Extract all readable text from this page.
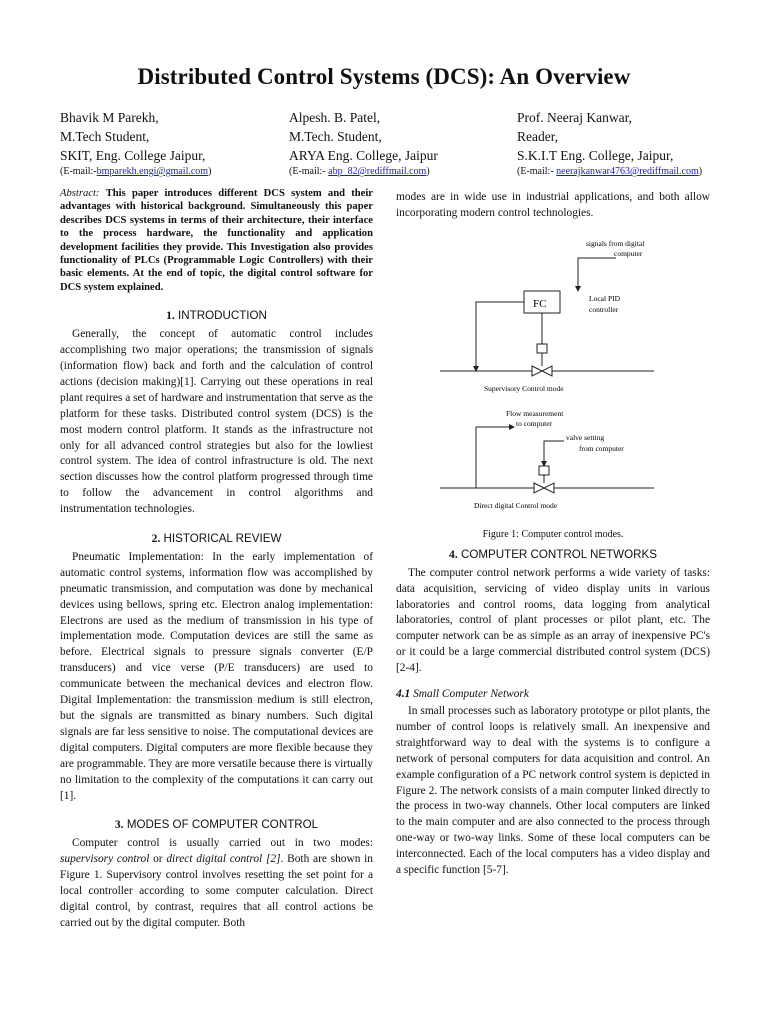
Distributed Control Systems (DCS): An Overview
Bhavik M Parekh,
M.Tech Student,
SKIT, Eng. College Jaipur,
(E-mail:-bmparekh.engi@gmail.com)
Alpesh. B. Patel,
M.Tech. Student,
ARYA Eng. College, Jaipur
(E-mail:- abp_82@rediffmail.com)
Prof. Neeraj Kanwar,
Reader,
S.K.I.T Eng. College, Jaipur,
(E-mail:- neerajkanwar4763@rediffmail.com)
Abstract: This paper introduces different DCS system and their advantages with historical background. Simultaneously this paper describes DCS systems in terms of their architecture, their interface to the process hardware, the functionality and application development facilities they provide. This Investigation also provides functionality of PLCs (Programmable Logic Controllers) with their basic elements. At the end of topic, the digital control software for DCS system explained.
1. INTRODUCTION

Generally, the concept of automatic control includes accomplishing two major operations; the transmission of signals (information flow) back and forth and the calculation of control actions (decision making)[1]. Carrying out these operations in real plant requires a set of hardware and instrumentation that serve as the platform for these tasks. Distributed control system (DCS) is the most modern control platform. It stands as the infrastructure not only for all advanced control strategies but also for the lowliest control system. The idea of control infrastructure is old. The next section discusses how the control platform progressed through time to follow the advancement in control algorithms and instrumentation technologies.

2. HISTORICAL REVIEW

Pneumatic Implementation: In the early implementation of automatic control systems, information flow was accomplished by pneumatic transmission, and computation was done by mechanical devices using bellows, spring etc. Electron analog implementation: Electrons are used as the medium of transmission in his type of implementation mode. Computation devices are still the same as before. Electrical signals to pressure signals converter (E/P transducers) and vice verse (P/E transducers) are used to communicate between the mechanical devices and electron flow. Digital Implementation: the transmission medium is still electron, but the signals are transmitted as binary numbers. Such digital signals are far less sensitive to noise. The computational devices are digital computers. Digital computers are more flexible because they are programmable. They are more versatile because there is virtually no limitation to the complexity of the computations it can carry out [1].

3. MODES OF COMPUTER CONTROL

Computer control is usually carried out in two modes: supervisory control or direct digital control [2]. Both are shown in Figure 1. Supervisory control involves resetting the set point for a local controller according to some computer calculation. Direct digital control, by contrast, requires that all control actions be carried out by the digital computer. Both

modes are in wide use in industrial applications, and both allow incorporating modern control technologies.
signals from digital
computer
FC	Local PID
controller
Supervisory Control mode
Flow measurement
to computer
valve setting
from computer
Direct digital Control mode
Figure 1: Computer control modes.
4. COMPUTER CONTROL NETWORKS

The computer control network performs a wide variety of tasks: data acquisition, servicing of video display units in various laboratories and control rooms, data logging from analytical laboratories, control of plant processes or pilot plant, etc. The computer network can be as simple as an array of inexpensive PC's or it could be a large commercial distributed control system (DCS)[2-4].

4.1 Small Computer Network

In small processes such as laboratory prototype or pilot plants, the number of control loops is relatively small. An inexpensive and straightforward way to deal with the systems is to configure a network of personal computers for data acquisition and control. An example configuration of a PC network control system is depicted in Figure 2. The network consists of a main computer linked directly to the process in two-way channels. Other local computers are linked to the main computer and are also connected to the process through one-way or two-way links. Some of these local computers can be interconnected. Each of the local computers has a video display and a specific function [5-7].
